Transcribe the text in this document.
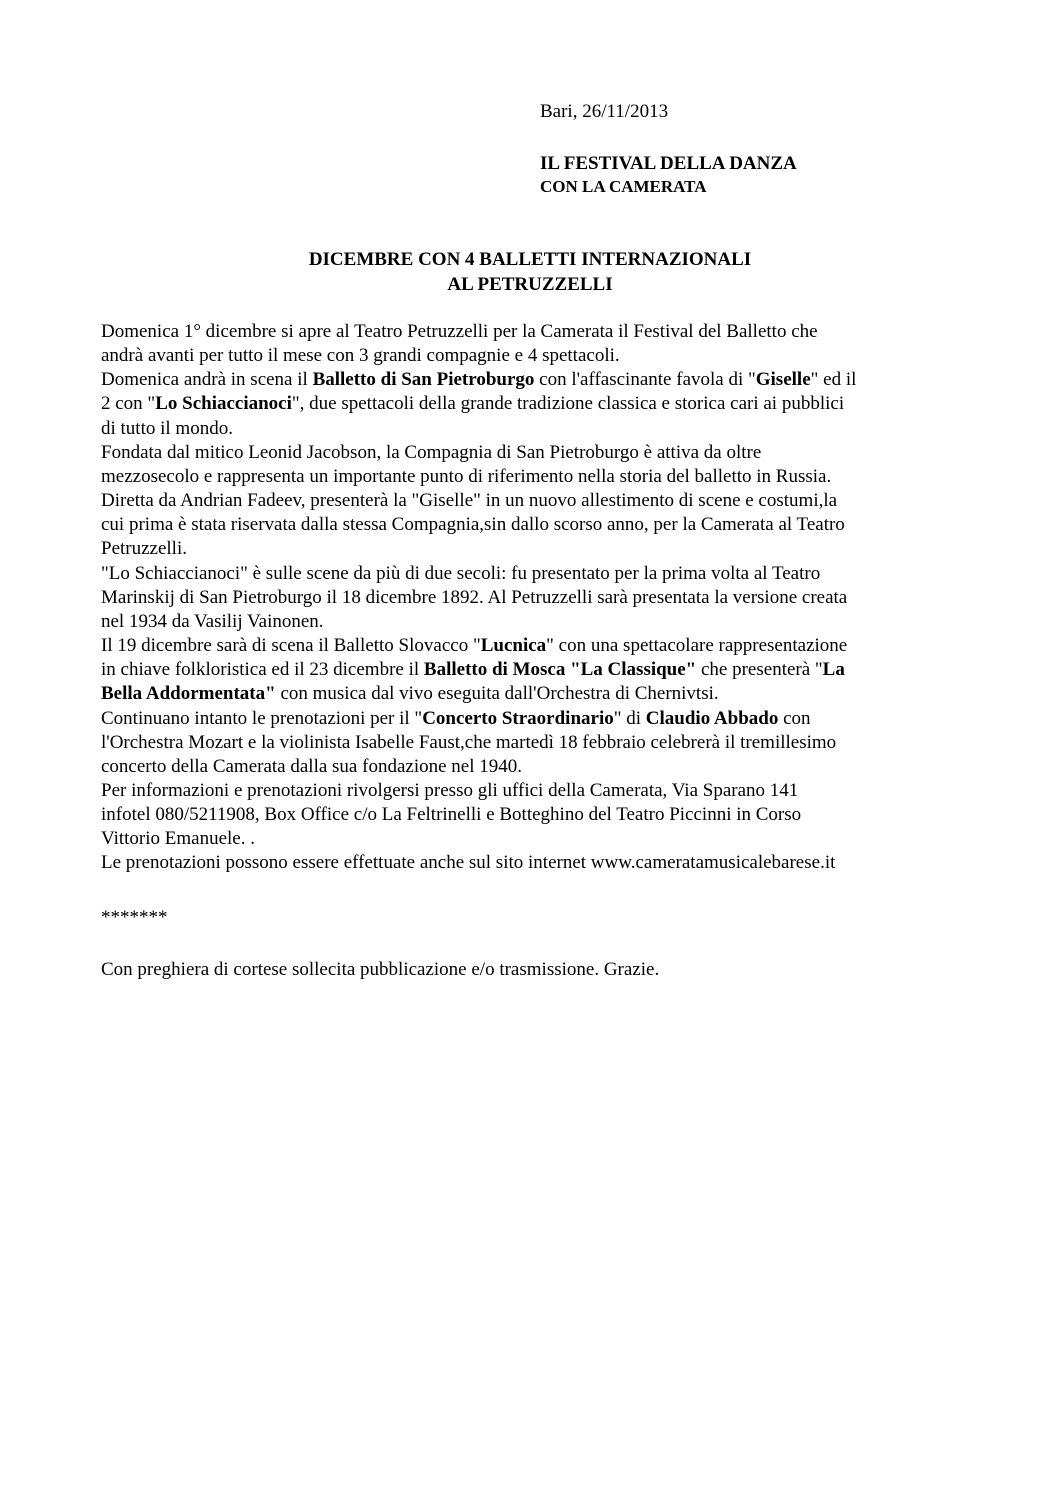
Bari, 26/11/2013
IL FESTIVAL DELLA DANZA
CON LA CAMERATA
DICEMBRE CON 4 BALLETTI INTERNAZIONALI
AL PETRUZZELLI
Domenica 1° dicembre si apre al Teatro Petruzzelli per la Camerata il Festival del Balletto che
andrà avanti per tutto il mese con 3 grandi compagnie e 4 spettacoli.
Domenica andrà in scena il Balletto di San Pietroburgo con l'affascinante favola di "Giselle" ed il
2 con "Lo Schiaccianoci", due spettacoli della grande tradizione classica e storica cari ai pubblici
di tutto il mondo.
Fondata dal mitico Leonid Jacobson, la Compagnia di San Pietroburgo è attiva da oltre
mezzosecolo e rappresenta un importante punto di riferimento nella storia del balletto in Russia.
Diretta da Andrian Fadeev, presenterà la "Giselle" in un nuovo allestimento di scene e costumi,la
cui prima è stata riservata dalla stessa Compagnia,sin dallo scorso anno, per la Camerata al Teatro
Petruzzelli.
"Lo Schiaccianoci" è sulle scene da più di due secoli: fu presentato per la prima volta al Teatro
Marinskij di San Pietroburgo il 18 dicembre 1892. Al Petruzzelli sarà presentata la versione creata
nel 1934 da Vasilij Vainonen.
Il 19 dicembre sarà di scena il Balletto Slovacco "Lucnica" con una spettacolare rappresentazione
in chiave folkloristica ed il 23 dicembre il Balletto di Mosca "La Classique" che presenterà "La
Bella Addormentata" con musica dal vivo eseguita dall'Orchestra di Chernivtsi.
Continuano intanto le prenotazioni per il "Concerto Straordinario" di Claudio Abbado con
l'Orchestra Mozart e la violinista Isabelle Faust,che martedì 18 febbraio celebrerà il tremillesimo
concerto della Camerata dalla sua fondazione nel 1940.
Per informazioni e prenotazioni rivolgersi presso gli uffici della Camerata, Via Sparano 141
infotel 080/5211908, Box Office c/o La Feltrinelli e Botteghino del Teatro Piccinni in Corso
Vittorio Emanuele. .
Le prenotazioni possono essere effettuate anche sul sito internet www.cameratamusicalebarese.it
*******
Con preghiera di cortese sollecita pubblicazione e/o trasmissione. Grazie.
